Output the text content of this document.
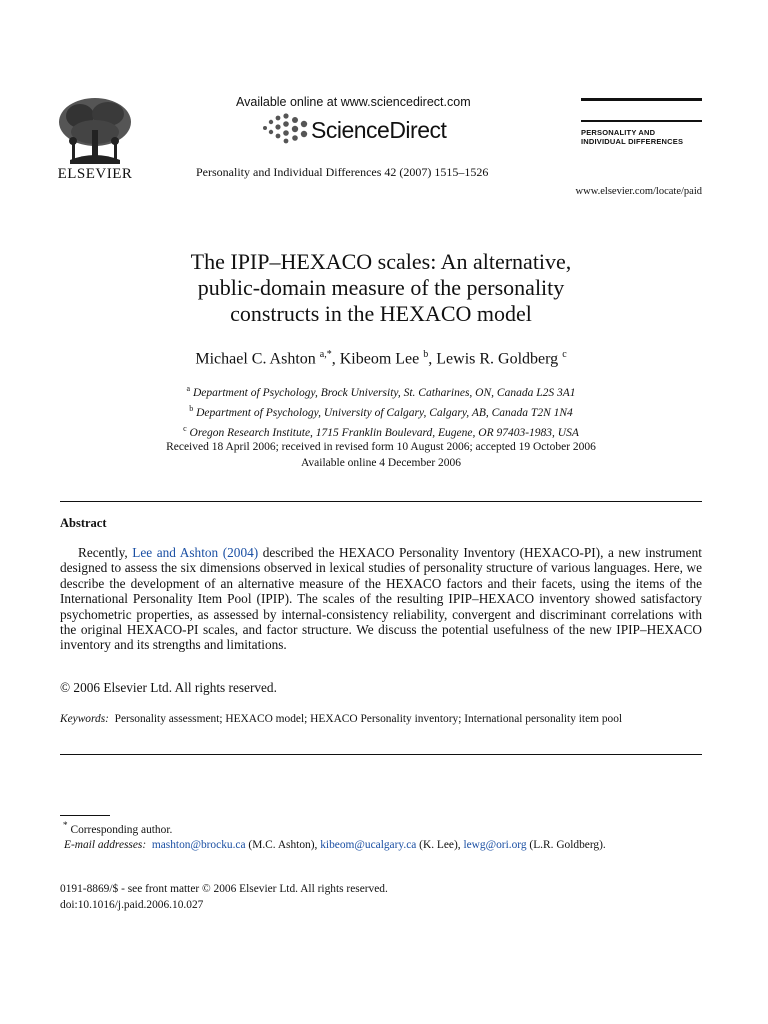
ELSEVIER
Available online at www.sciencedirect.com
ScienceDirect
Personality and Individual Differences 42 (2007) 1515–1526
PERSONALITY AND
INDIVIDUAL DIFFERENCES
www.elsevier.com/locate/paid
The IPIP–HEXACO scales: An alternative,
public-domain measure of the personality
constructs in the HEXACO model
Michael C. Ashton $^{a,*}$, Kibeom Lee $^b$, Lewis R. Goldberg $^c$
$^a$ Department of Psychology, Brock University, St. Catharines, ON, Canada L2S 3A1
$^b$ Department of Psychology, University of Calgary, Calgary, AB, Canada T2N 1N4
$^c$ Oregon Research Institute, 1715 Franklin Boulevard, Eugene, OR 97403-1983, USA
Received 18 April 2006; received in revised form 10 August 2006; accepted 19 October 2006
Available online 4 December 2006
Abstract

Recently, Lee and Ashton (2004) described the HEXACO Personality Inventory (HEXACO-PI), a new instrument designed to assess the six dimensions observed in lexical studies of personality structure of various languages. Here, we describe the development of an alternative measure of the HEXACO factors and their facets, using the items of the International Personality Item Pool (IPIP). The scales of the resulting IPIP–HEXACO inventory showed satisfactory psychometric properties, as assessed by internal-consistency reliability, convergent and discriminant correlations with the original HEXACO-PI scales, and factor structure. We discuss the potential usefulness of the new IPIP–HEXACO inventory and its strengths and limitations.

© 2006 Elsevier Ltd. All rights reserved.
Keywords: Personality assessment; HEXACO model; HEXACO Personality inventory; International personality item pool
* Corresponding author.
E-mail addresses: mashton@brocku.ca (M.C. Ashton), kibeom@ucalgary.ca (K. Lee), lewg@ori.org (L.R. Goldberg).
0191-8869/$ - see front matter © 2006 Elsevier Ltd. All rights reserved.
doi:10.1016/j.paid.2006.10.027
